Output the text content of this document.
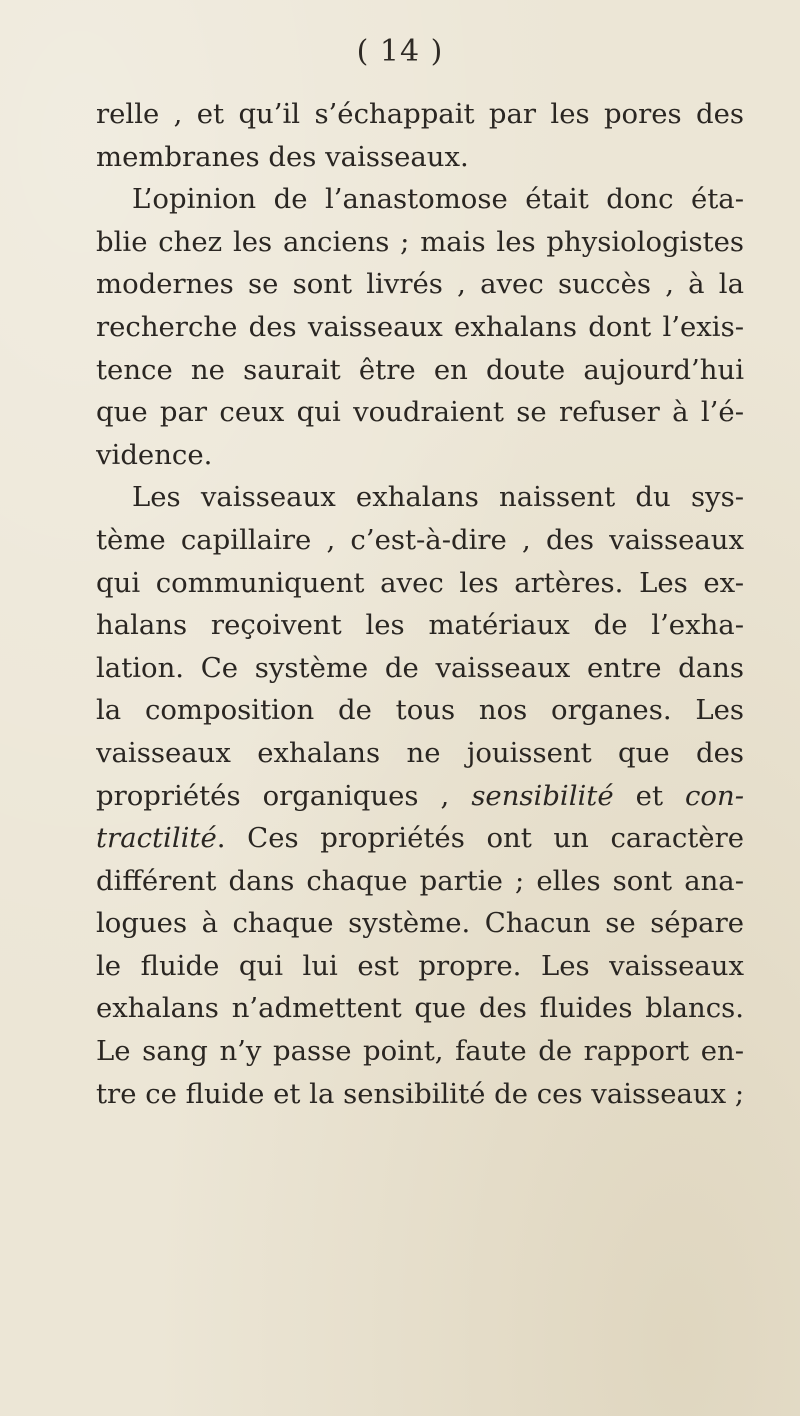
( 14 )
relle , et qu’il s’échappait par les pores des
membranes des vaisseaux.
L’opinion de l’anastomose était donc éta-
blie chez les anciens ; mais les physiologistes
modernes se sont livrés , avec succès , à la
recherche des vaisseaux exhalans dont l’exis-
tence ne saurait être en doute aujourd’hui
que par ceux qui voudraient se refuser à l’é-
vidence.
Les vaisseaux exhalans naissent du sys-
tème capillaire , c’est-à-dire , des vaisseaux
qui communiquent avec les artères. Les ex-
halans reçoivent les matériaux de l’exha-
lation. Ce système de vaisseaux entre dans
la composition de tous nos organes. Les
vaisseaux exhalans ne jouissent que des
propriétés organiques , sensibilité et con-
tractilité. Ces propriétés ont un caractère
différent dans chaque partie ; elles sont ana-
logues à chaque système. Chacun se sépare
le fluide qui lui est propre. Les vaisseaux
exhalans n’admettent que des fluides blancs.
Le sang n’y passe point, faute de rapport en-
tre ce fluide et la sensibilité de ces vaisseaux ;
